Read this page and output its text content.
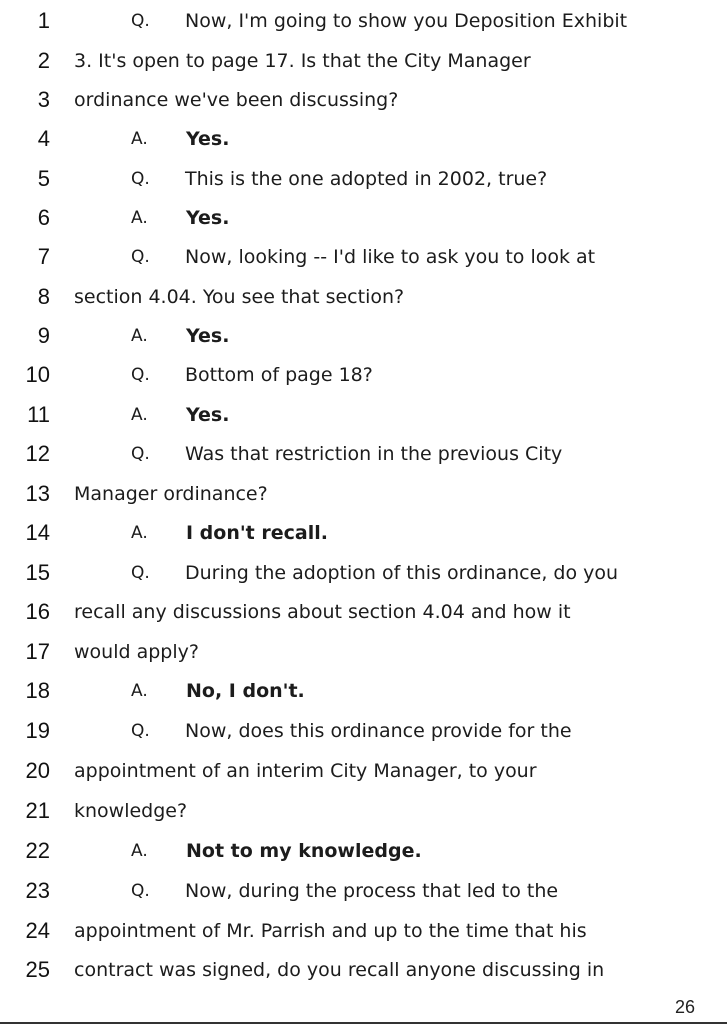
1	Q. Now, I'm going to show you Deposition Exhibit
2 3. It's open to page 17. Is that the City Manager
3 ordinance we've been discussing?
4	A. Yes.
5	Q. This is the one adopted in 2002, true?
6	A. Yes.
7	Q. Now, looking -- I'd like to ask you to look at
8 section 4.04. You see that section?
9	A. Yes.
10	Q. Bottom of page 18?
11	A. Yes.
12	Q. Was that restriction in the previous City
13 Manager ordinance?
14	A. I don't recall.
15	Q. During the adoption of this ordinance, do you
16 recall any discussions about section 4.04 and how it
17 would apply?
18	A. No, I don't.
19	Q. Now, does this ordinance provide for the
20 appointment of an interim City Manager, to your
21 knowledge?
22	A. Not to my knowledge.
23	Q. Now, during the process that led to the
24 appointment of Mr. Parrish and up to the time that his
25 contract was signed, do you recall anyone discussing in
26
